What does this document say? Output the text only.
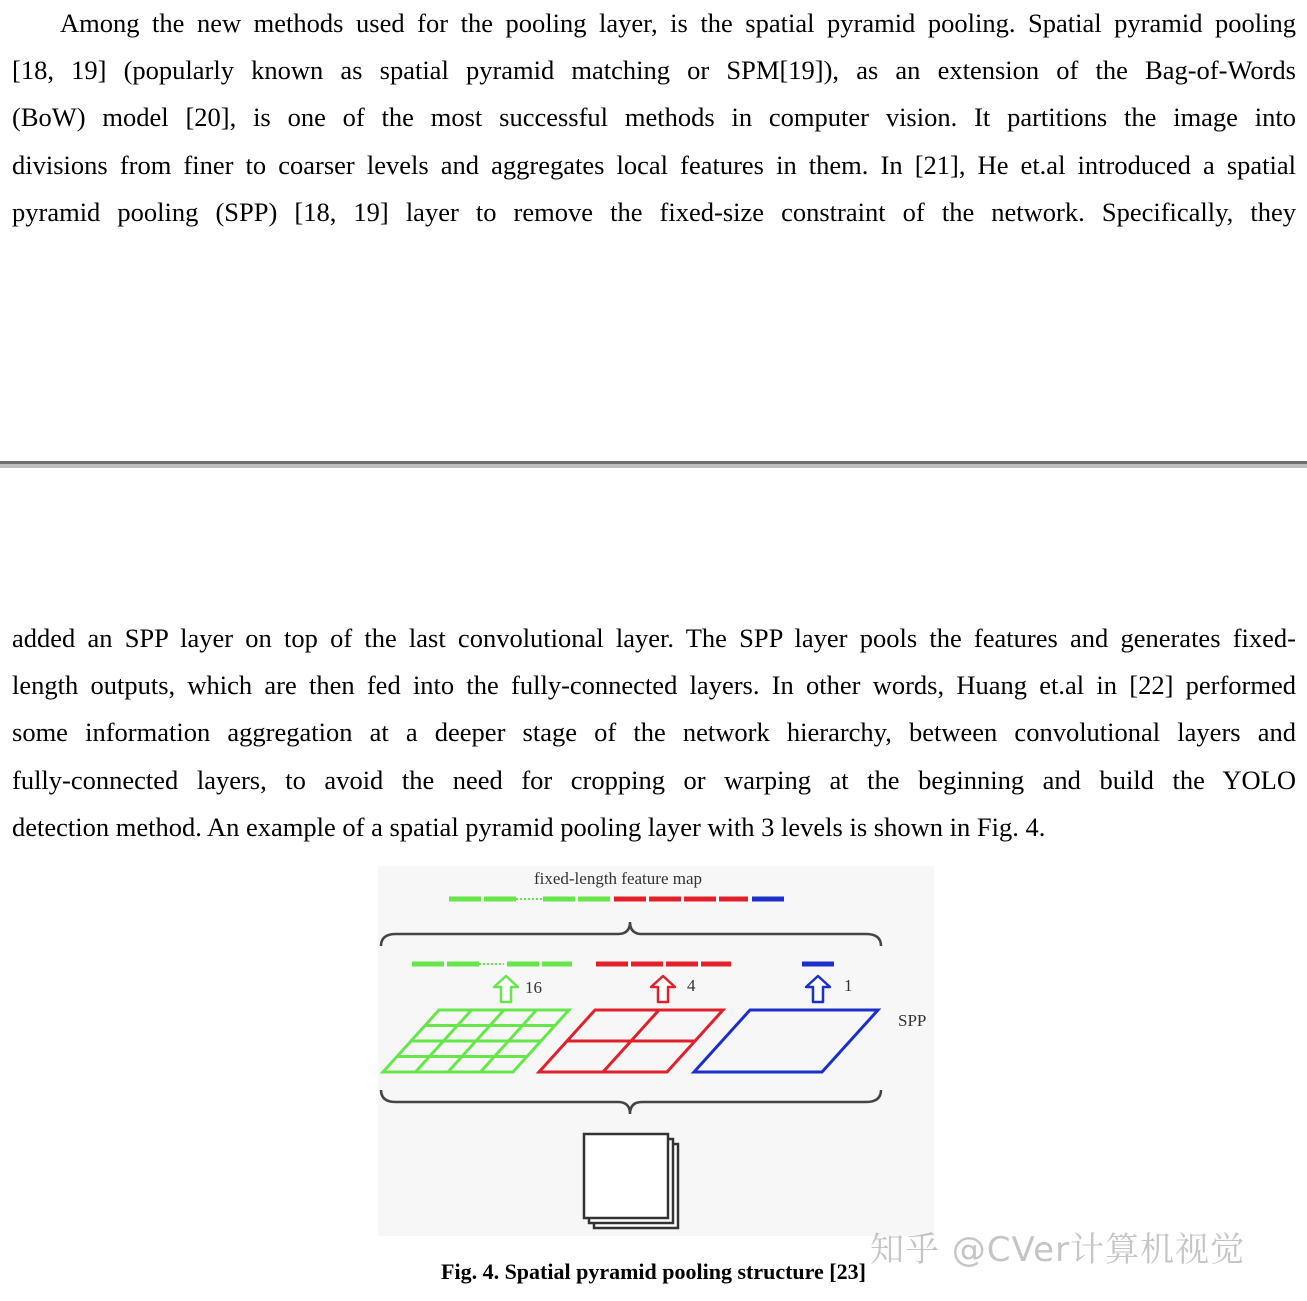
Among the new methods used for the pooling layer, is the spatial pyramid pooling. Spatial pyramid pooling
[18, 19] (popularly known as spatial pyramid matching or SPM[19]), as an extension of the Bag-of-Words
(BoW) model [20], is one of the most successful methods in computer vision. It partitions the image into
divisions from finer to coarser levels and aggregates local features in them. In [21], He et.al introduced a spatial
pyramid pooling (SPP) [18, 19] layer to remove the fixed-size constraint of the network. Specifically, they

added an SPP layer on top of the last convolutional layer. The SPP layer pools the features and generates fixed-
length outputs, which are then fed into the fully-connected layers. In other words, Huang et.al in [22] performed
some information aggregation at a deeper stage of the network hierarchy, between convolutional layers and
fully-connected layers, to avoid the need for cropping or warping at the beginning and build the YOLO
detection method. An example of a spatial pyramid pooling layer with 3 levels is shown in Fig. 4.

fixed-length feature map
16	4	1
SPP
知乎 @CVer计算机视觉
Fig. 4. Spatial pyramid pooling structure [23]
